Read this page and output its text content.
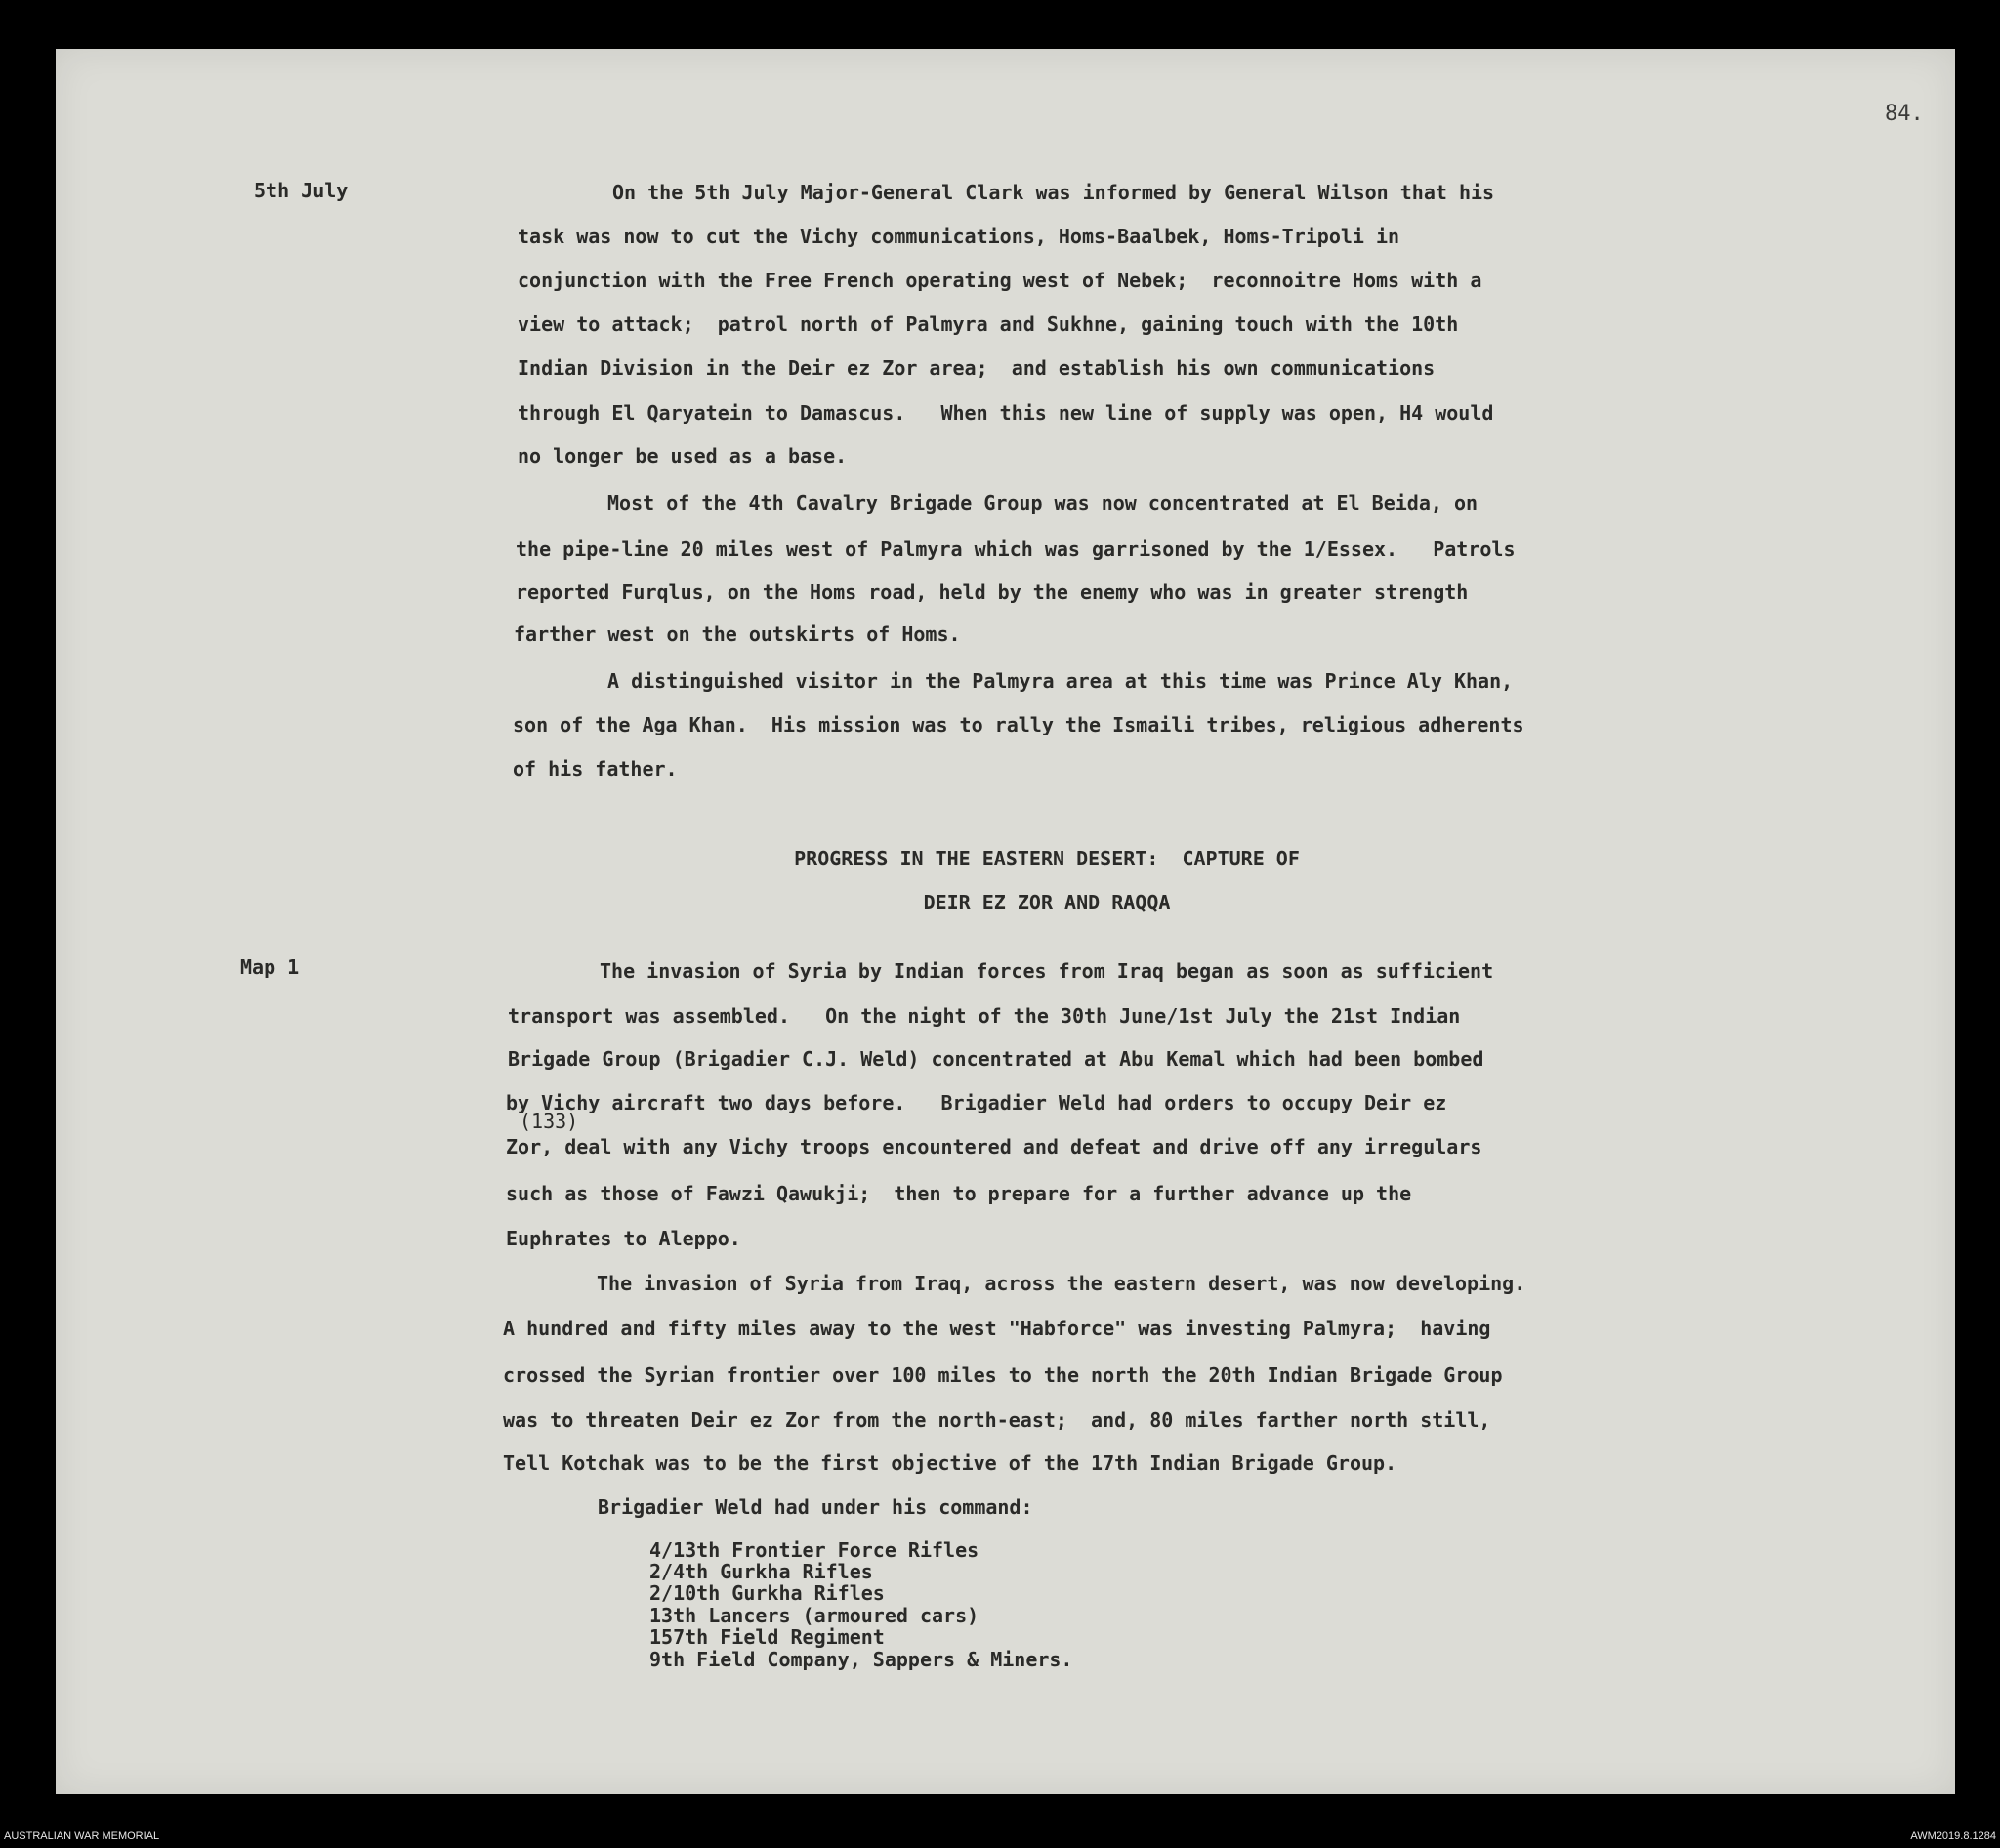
84.
5th July
Map 1
On the 5th July Major-General Clark was informed by General Wilson that his
task was now to cut the Vichy communications, Homs-Baalbek, Homs-Tripoli in
conjunction with the Free French operating west of Nebek;  reconnoitre Homs with a
view to attack;  patrol north of Palmyra and Sukhne, gaining touch with the 10th
Indian Division in the Deir ez Zor area;  and establish his own communications
through El Qaryatein to Damascus.   When this new line of supply was open, H4 would
no longer be used as a base.
Most of the 4th Cavalry Brigade Group was now concentrated at El Beida, on
the pipe-line 20 miles west of Palmyra which was garrisoned by the 1/Essex.   Patrols
reported Furqlus, on the Homs road, held by the enemy who was in greater strength
farther west on the outskirts of Homs.
A distinguished visitor in the Palmyra area at this time was Prince Aly Khan,
son of the Aga Khan.  His mission was to rally the Ismaili tribes, religious adherents
of his father.
PROGRESS IN THE EASTERN DESERT:  CAPTURE OF
DEIR EZ ZOR AND RAQQA
The invasion of Syria by Indian forces from Iraq began as soon as sufficient
transport was assembled.   On the night of the 30th June/1st July the 21st Indian
Brigade Group (Brigadier C.J. Weld) concentrated at Abu Kemal which had been bombed
by Vichy aircraft two days before.   Brigadier Weld had orders to occupy Deir ez
(133)
Zor, deal with any Vichy troops encountered and defeat and drive off any irregulars
such as those of Fawzi Qawukji;  then to prepare for a further advance up the
Euphrates to Aleppo.
The invasion of Syria from Iraq, across the eastern desert, was now developing.
A hundred and fifty miles away to the west "Habforce" was investing Palmyra;  having
crossed the Syrian frontier over 100 miles to the north the 20th Indian Brigade Group
was to threaten Deir ez Zor from the north-east;  and, 80 miles farther north still,
Tell Kotchak was to be the first objective of the 17th Indian Brigade Group.
Brigadier Weld had under his command:
4/13th Frontier Force Rifles
2/4th Gurkha Rifles
2/10th Gurkha Rifles
13th Lancers (armoured cars)
157th Field Regiment
9th Field Company, Sappers & Miners.
AUSTRALIAN WAR MEMORIAL	AWM2019.8.1284
